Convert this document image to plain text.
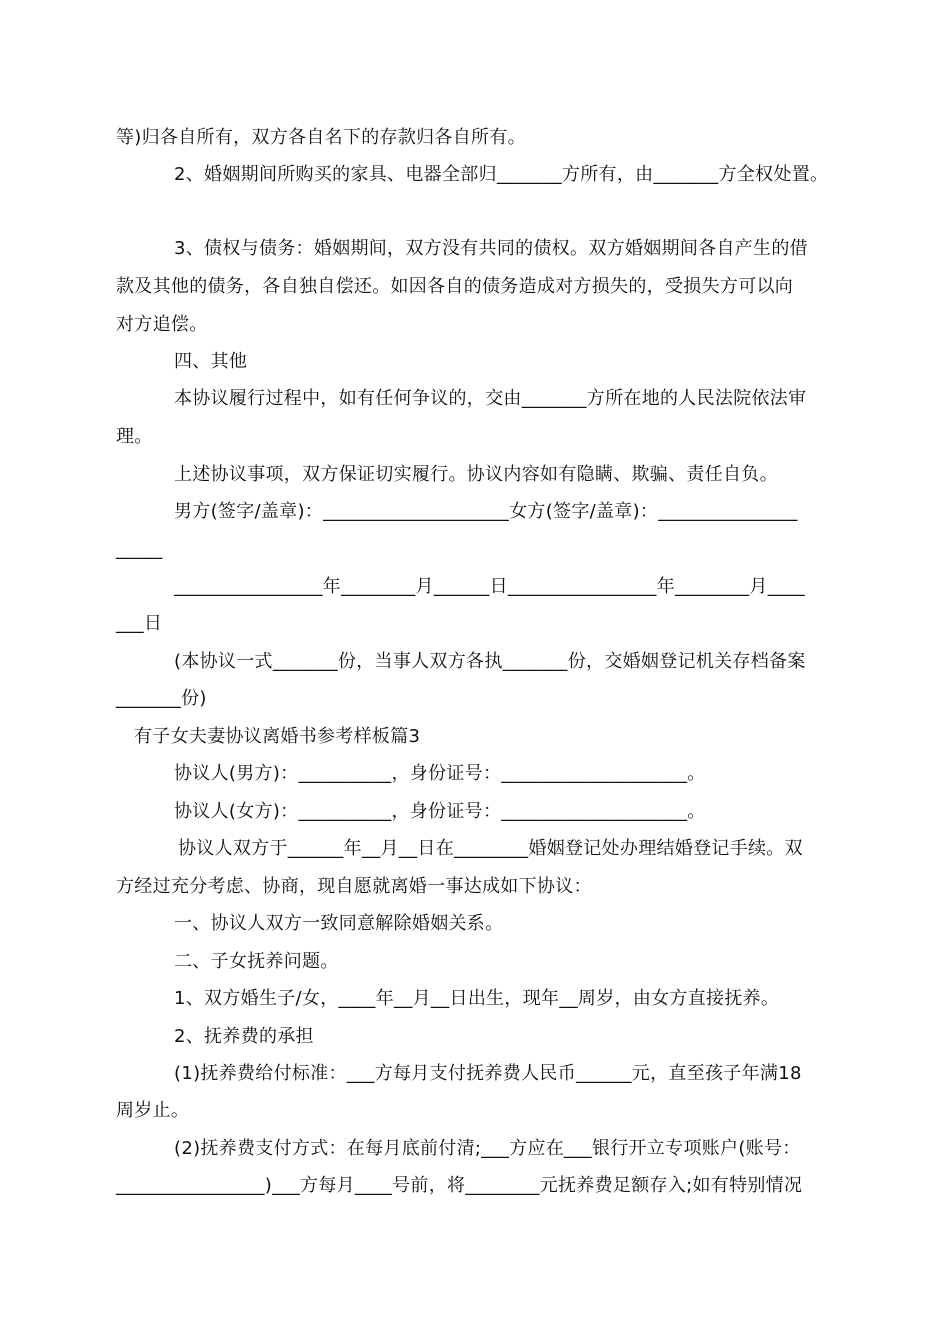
等)归各自所有，双方各自名下的存款归各自所有。
2、婚姻期间所购买的家具、电器全部归_______方所有，由_______方全权处置。
3、债权与债务：婚姻期间，双方没有共同的债权。双方婚姻期间各自产生的借
款及其他的债务，各自独自偿还。如因各自的债务造成对方损失的，受损失方可以向
对方追偿。
四、其他
本协议履行过程中，如有任何争议的，交由_______方所在地的人民法院依法审
理。
上述协议事项，双方保证切实履行。协议内容如有隐瞒、欺骗、责任自负。
男方(签字/盖章)：____________________女方(签字/盖章)：_______________
_____
________________年________月______日________________年________月____
___日
(本协议一式_______份，当事人双方各执_______份，交婚姻登记机关存档备案
_______份)
有子女夫妻协议离婚书参考样板篇3
协议人(男方)：__________，身份证号：____________________。
协议人(女方)：__________，身份证号：____________________。
协议人双方于______年__月__日在________婚姻登记处办理结婚登记手续。双
方经过充分考虑、协商，现自愿就离婚一事达成如下协议：
一、协议人双方一致同意解除婚姻关系。
二、子女抚养问题。
1、双方婚生子/女，____年__月__日出生，现年__周岁，由女方直接抚养。
2、抚养费的承担
(1)抚养费给付标准：___方每月支付抚养费人民币______元，直至孩子年满18
周岁止。
(2)抚养费支付方式：在每月底前付清;___方应在___银行开立专项账户(账号：
________________)___方每月____号前，将________元抚养费足额存入;如有特别情况
